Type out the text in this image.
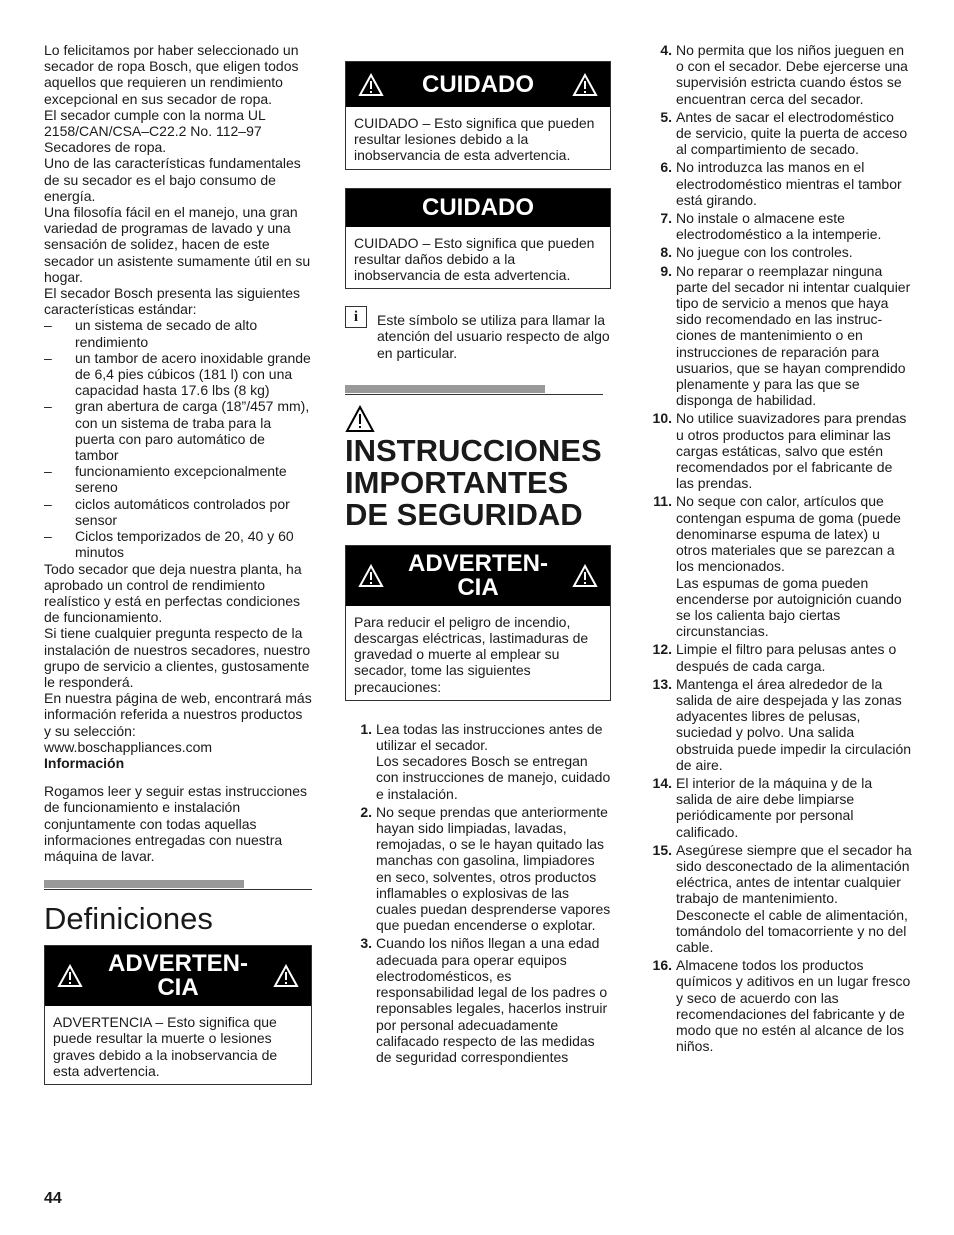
Lo felicitamos por haber seleccionado un secador de ropa Bosch, que eligen todos aquellos que requieren un rendimiento excepcional en sus secador de ropa.

El secador cumple con la norma UL 2158/CAN/CSA–C22.2 No. 112–97 Secadores de ropa.

Uno de las características fundamentales de su secador es el bajo consumo de energía.

Una filosofía fácil en el manejo, una gran variedad de programas de lavado y una sensación de solidez, hacen de este secador un asistente sumamente útil en su hogar.

El secador Bosch presenta las siguientes características estándar:

– un sistema de secado de alto rendimiento
– un tambor de acero inoxidable grande de 6,4 pies cúbicos (181 l) con una capacidad hasta 17.6 lbs (8 kg)
– gran abertura de carga (18”/457 mm), con un sistema de traba para la puerta con paro automático de tambor
– funcionamiento excepcionalmente sereno
– ciclos automáticos controlados por sensor
– Ciclos temporizados de 20, 40 y 60 minutos

Todo secador que deja nuestra planta, ha aprobado un control de rendimiento realístico y está en perfectas condiciones de funcionamiento.

Si tiene cualquier pregunta respecto de la instalación de nuestros secadores, nuestro grupo de servicio a clientes, gustosamente le responderá.

En nuestra página de web, encontrará más información referida a nuestros productos y su selección:

www.boschappliances.com

Información

Rogamos leer y seguir estas instrucciones de funcionamiento e instalación conjuntamente con todas aquellas informaciones entregadas con nuestra máquina de lavar.

Definiciones
ADVERTEN-
CIA
ADVERTENCIA – Esto significa que puede resultar la muerte o lesiones graves debido a la inobservancia de esta advertencia.
CUIDADO
CUIDADO – Esto significa que pueden resultar lesiones debido a la inobservancia de esta advertencia.
CUIDADO
CUIDADO – Esto significa que pueden resultar daños debido a la inobservancia de esta advertencia.
i	Este símbolo se utiliza para llamar la atención del usuario respecto de algo en particular.

INSTRUCCIONES
IMPORTANTES
DE SEGURIDAD
ADVERTEN-
CIA
Para reducir el peligro de incendio, descargas eléctricas, lastimaduras de gravedad o muerte al emplear su secador, tome las siguientes precauciones:
1. Lea todas las instrucciones antes de utilizar el secador.
Los secadores Bosch se entregan con instrucciones de manejo, cuidado e instalación.
2. No seque prendas que anteriormente hayan sido limpiadas, lavadas, remojadas, o se le hayan quitado las manchas con gasolina, limpiadores en seco, solventes, otros productos inflamables o explosivas de las cuales puedan desprenderse vapores que puedan encenderse o explotar.
3. Cuando los niños llegan a una edad adecuada para operar equipos electrodomésticos, es responsabilidad legal de los padres o reponsables legales, hacerlos instruir por personal adecuadamente califacado respecto de las medidas de seguridad correspondientes
4. No permita que los niños jueguen en o con el secador. Debe ejercerse una supervisión estricta cuando éstos se encuentran cerca del secador.
5. Antes de sacar el electrodoméstico de servicio, quite la puerta de acceso al compartimiento de secado.
6. No introduzca las manos en el electrodoméstico mientras el tambor está girando.
7. No instale o almacene este electrodoméstico a la intemperie.
8. No juegue con los controles.
9. No reparar o reemplazar ninguna parte del secador ni intentar cualquier tipo de servicio a menos que haya sido recomendado en las instruc- ciones de mantenimiento o en instrucciones de reparación para usuarios, que se hayan comprendido plenamente y para las que se disponga de habilidad.
10. No utilice suavizadores para prendas u otros productos para eliminar las cargas estáticas, salvo que estén recomendados por el fabricante de las prendas.
11. No seque con calor, artículos que contengan espuma de goma (puede denominarse espuma de latex) u otros materiales que se parezcan a los mencionados.
Las espumas de goma pueden encenderse por autoignición cuando se los calienta bajo ciertas circunstancias.
12. Limpie el filtro para pelusas antes o después de cada carga.
13. Mantenga el área alrededor de la salida de aire despejada y las zonas adyacentes libres de pelusas, suciedad y polvo. Una salida obstruida puede impedir la circulación de aire.
14. El interior de la máquina y de la salida de aire debe limpiarse periódicamente por personal calificado.
15. Asegúrese siempre que el secador ha sido desconectado de la alimentación eléctrica, antes de intentar cualquier trabajo de mantenimiento. Desconecte el cable de alimentación, tomándolo del tomacorriente y no del cable.
16. Almacene todos los productos químicos y aditivos en un lugar fresco y seco de acuerdo con las recomendaciones del fabricante y de modo que no estén al alcance de los niños.
44
